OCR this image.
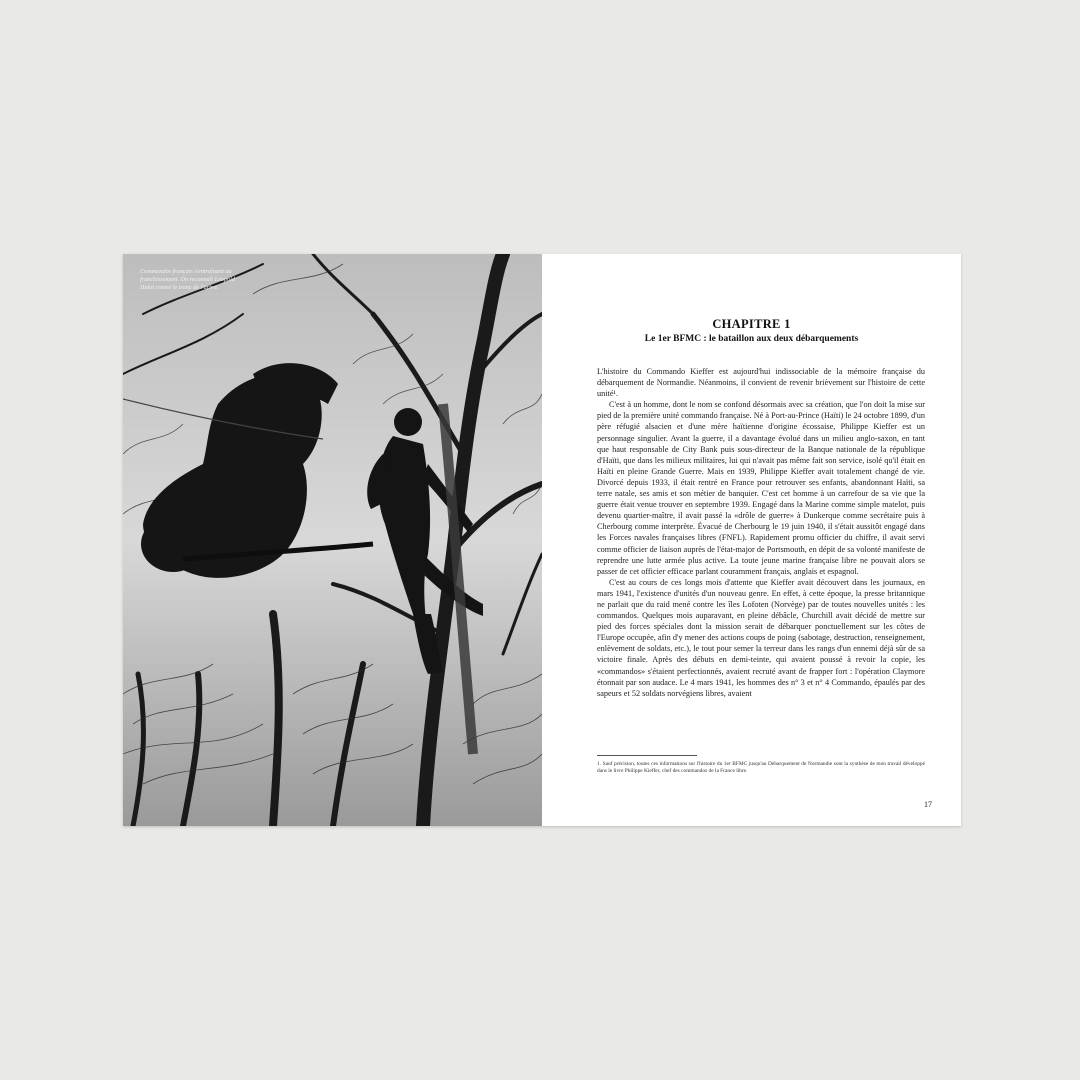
Commandos français s'entraînant au franchissement. On reconnaît Léopold Hulot contre le tronc de l'arbre.
CHAPITRE 1
Le 1er BFMC : le bataillon aux deux débarquements

L'histoire du Commando Kieffer est aujourd'hui indissociable de la mémoire française du débarquement de Normandie. Néanmoins, il convient de revenir brièvement sur l'histoire de cette unité¹.

C'est à un homme, dont le nom se confond désormais avec sa création, que l'on doit la mise sur pied de la première unité commando française. Né à Port-au-Prince (Haïti) le 24 octobre 1899, d'un père réfugié alsacien et d'une mère haïtienne d'origine écossaise, Philippe Kieffer est un personnage singulier. Avant la guerre, il a davantage évolué dans un milieu anglo-saxon, en tant que haut responsable de City Bank puis sous-directeur de la Banque nationale de la république d'Haïti, que dans les milieux militaires, lui qui n'avait pas même fait son service, isolé qu'il était en Haïti en pleine Grande Guerre. Mais en 1939, Philippe Kieffer avait totalement changé de vie. Divorcé depuis 1933, il était rentré en France pour retrouver ses enfants, abandonnant Haïti, sa terre natale, ses amis et son métier de banquier. C'est cet homme à un carrefour de sa vie que la guerre était venue trouver en septembre 1939. Engagé dans la Marine comme simple matelot, puis devenu quartier-maître, il avait passé la «drôle de guerre» à Dunkerque comme secrétaire puis à Cherbourg comme interprète. Évacué de Cherbourg le 19 juin 1940, il s'était aussitôt engagé dans les Forces navales françaises libres (FNFL). Rapidement promu officier du chiffre, il avait servi comme officier de liaison auprès de l'état-major de Portsmouth, en dépit de sa volonté manifeste de reprendre une lutte armée plus active. La toute jeune marine française libre ne pouvait alors se passer de cet officier efficace parlant couramment français, anglais et espagnol.

C'est au cours de ces longs mois d'attente que Kieffer avait découvert dans les journaux, en mars 1941, l'existence d'unités d'un nouveau genre. En effet, à cette époque, la presse britannique ne parlait que du raid mené contre les îles Lofoten (Norvège) par de toutes nouvelles unités : les commandos. Quelques mois auparavant, en pleine débâcle, Churchill avait décidé de mettre sur pied des forces spéciales dont la mission serait de débarquer ponctuellement sur les côtes de l'Europe occupée, afin d'y mener des actions coups de poing (sabotage, destruction, renseignement, enlèvement de soldats, etc.), le tout pour semer la terreur dans les rangs d'un ennemi déjà sûr de sa victoire finale. Après des débuts en demi-teinte, qui avaient poussé à revoir la copie, les «commandos» s'étaient perfectionnés, avaient recruté avant de frapper fort : l'opération Claymore étonnait par son audace. Le 4 mars 1941, les hommes des n° 3 et n° 4 Commando, épaulés par des sapeurs et 52 soldats norvégiens libres, avaient

1. Sauf précision, toutes ces informations sur l'histoire du 1er BFMC jusqu'au Débarquement de Normandie sont la synthèse de mon travail développé dans le livre Philippe Kieffer, chef des commandos de la France libre.
17
